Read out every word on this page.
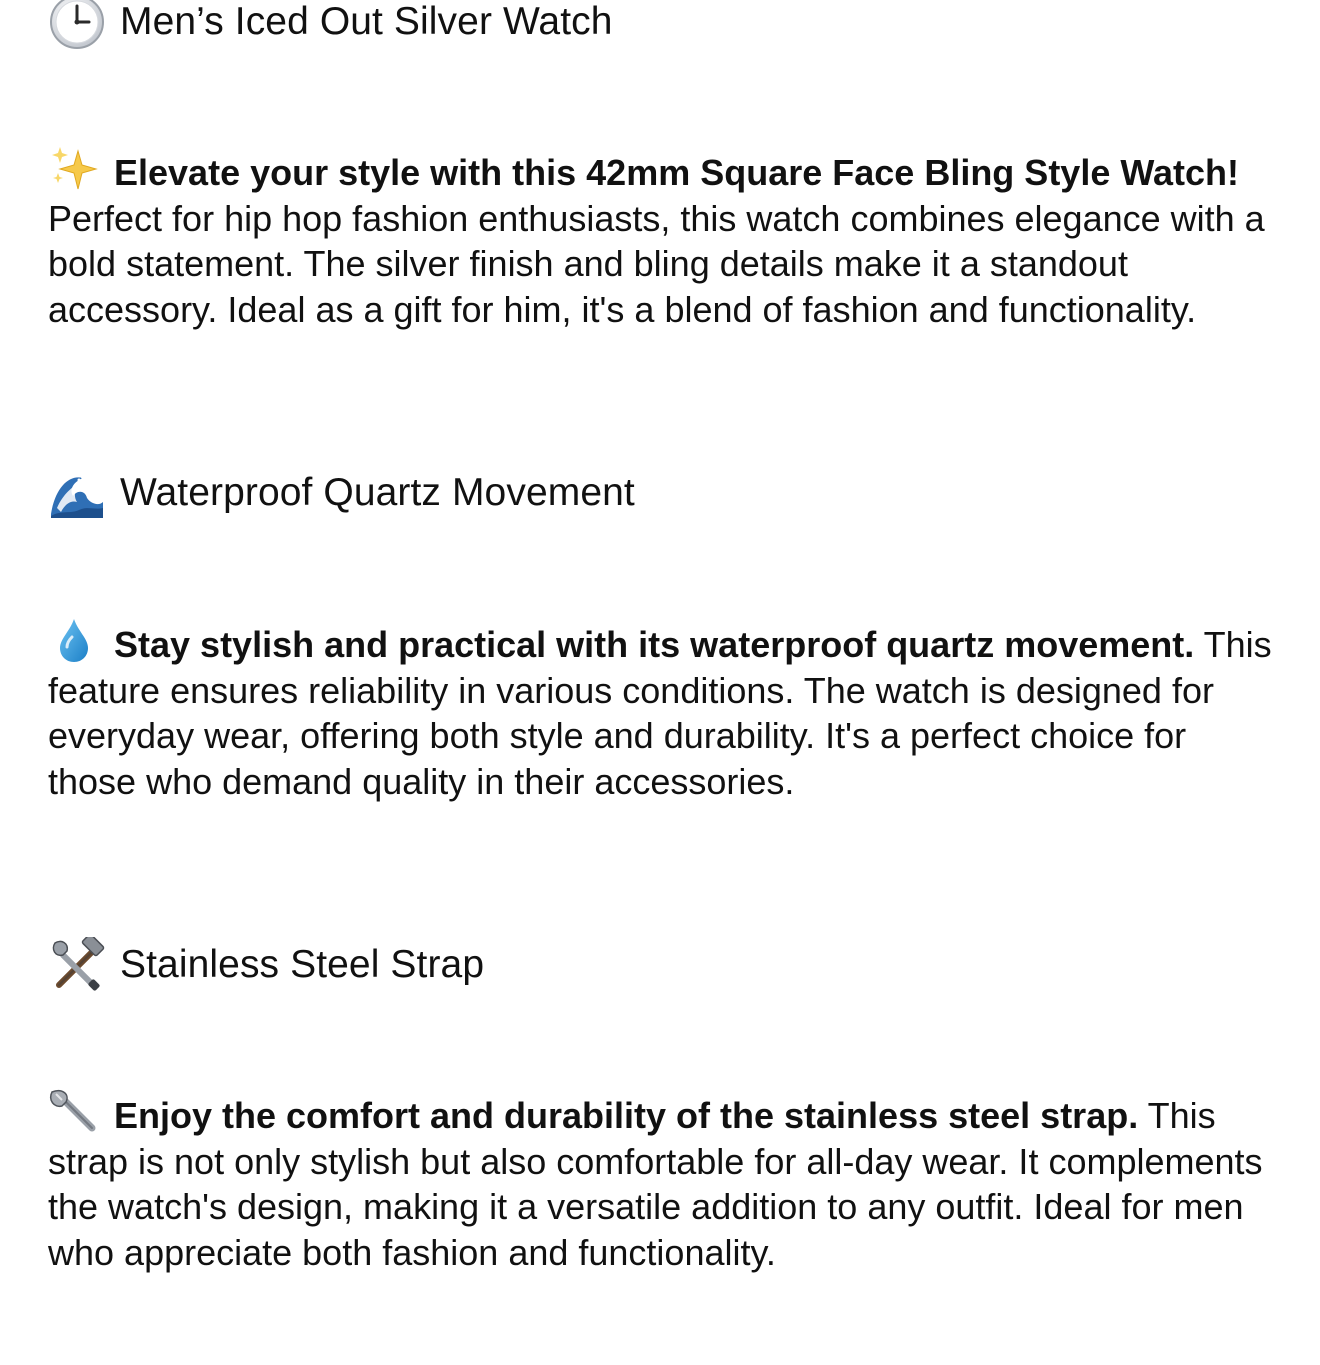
Men’s Iced Out Silver Watch
Elevate your style with this 42mm Square Face Bling Style Watch! Perfect for hip hop fashion enthusiasts, this watch combines elegance with a bold statement. The silver finish and bling details make it a standout accessory. Ideal as a gift for him, it's a blend of fashion and functionality.
Waterproof Quartz Movement
Stay stylish and practical with its waterproof quartz movement. This feature ensures reliability in various conditions. The watch is designed for everyday wear, offering both style and durability. It's a perfect choice for those who demand quality in their accessories.
Stainless Steel Strap
Enjoy the comfort and durability of the stainless steel strap. This strap is not only stylish but also comfortable for all-day wear. It complements the watch's design, making it a versatile addition to any outfit. Ideal for men who appreciate both fashion and functionality.
